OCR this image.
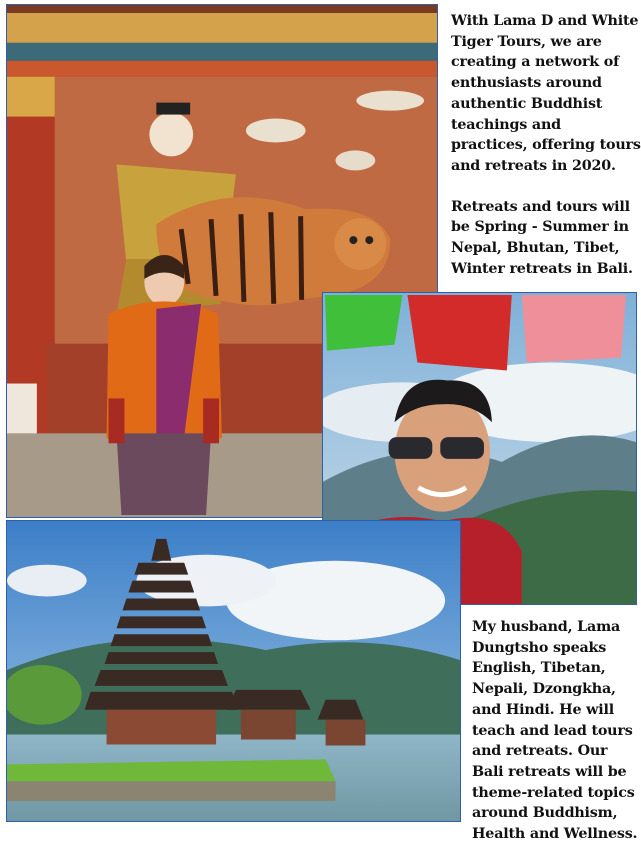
With Lama D and White Tiger Tours, we are creating a network of enthusiasts around authentic Buddhist teachings and practices, offering tours and retreats in 2020.

Retreats and tours will be Spring - Summer in Nepal, Bhutan, Tibet, Winter retreats in Bali.

My husband, Lama Dungtsho speaks English, Tibetan, Nepali, Dzongkha, and Hindi. He will teach and lead tours and retreats. Our Bali retreats will be theme-related topics around Buddhism, Health and Wellness.
